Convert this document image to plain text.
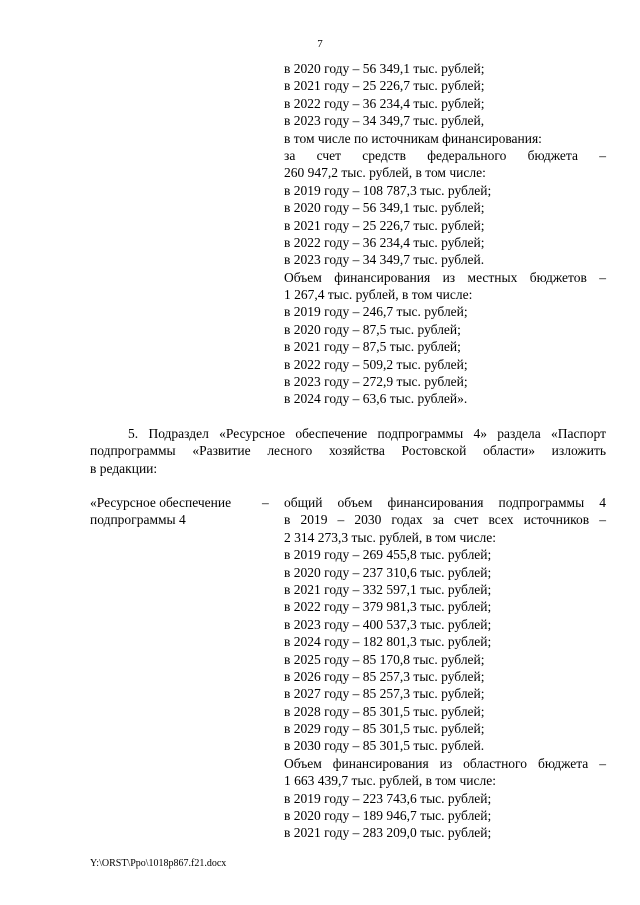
7
в 2020 году – 56 349,1 тыс. рублей;
в 2021 году – 25 226,7 тыс. рублей;
в 2022 году – 36 234,4 тыс. рублей;
в 2023 году – 34 349,7 тыс. рублей,
в том числе по источникам финансирования:
за счет средств федерального бюджета –
260 947,2 тыс. рублей, в том числе:
в 2019 году – 108 787,3 тыс. рублей;
в 2020 году – 56 349,1 тыс. рублей;
в 2021 году – 25 226,7 тыс. рублей;
в 2022 году – 36 234,4 тыс. рублей;
в 2023 году – 34 349,7 тыс. рублей.
Объем финансирования из местных бюджетов –
1 267,4 тыс. рублей, в том числе:
в 2019 году – 246,7 тыс. рублей;
в 2020 году – 87,5 тыс. рублей;
в 2021 году – 87,5 тыс. рублей;
в 2022 году – 509,2 тыс. рублей;
в 2023 году – 272,9 тыс. рублей;
в 2024 году – 63,6 тыс. рублей».
5. Подраздел «Ресурсное обеспечение подпрограммы 4» раздела «Паспорт
подпрограммы «Развитие лесного хозяйства Ростовской области» изложить
в редакции:
«Ресурсное обеспечение
подпрограммы 4
– общий объем финансирования подпрограммы 4
в 2019 – 2030 годах за счет всех источников –
2 314 273,3 тыс. рублей, в том числе:
в 2019 году – 269 455,8 тыс. рублей;
в 2020 году – 237 310,6 тыс. рублей;
в 2021 году – 332 597,1 тыс. рублей;
в 2022 году – 379 981,3 тыс. рублей;
в 2023 году – 400 537,3 тыс. рублей;
в 2024 году – 182 801,3 тыс. рублей;
в 2025 году – 85 170,8 тыс. рублей;
в 2026 году – 85 257,3 тыс. рублей;
в 2027 году – 85 257,3 тыс. рублей;
в 2028 году – 85 301,5 тыс. рублей;
в 2029 году – 85 301,5 тыс. рублей;
в 2030 году – 85 301,5 тыс. рублей.
Объем финансирования из областного бюджета –
1 663 439,7 тыс. рублей, в том числе:
в 2019 году – 223 743,6 тыс. рублей;
в 2020 году – 189 946,7 тыс. рублей;
в 2021 году – 283 209,0 тыс. рублей;
Y:\ORST\Ppo\1018p867.f21.docx
